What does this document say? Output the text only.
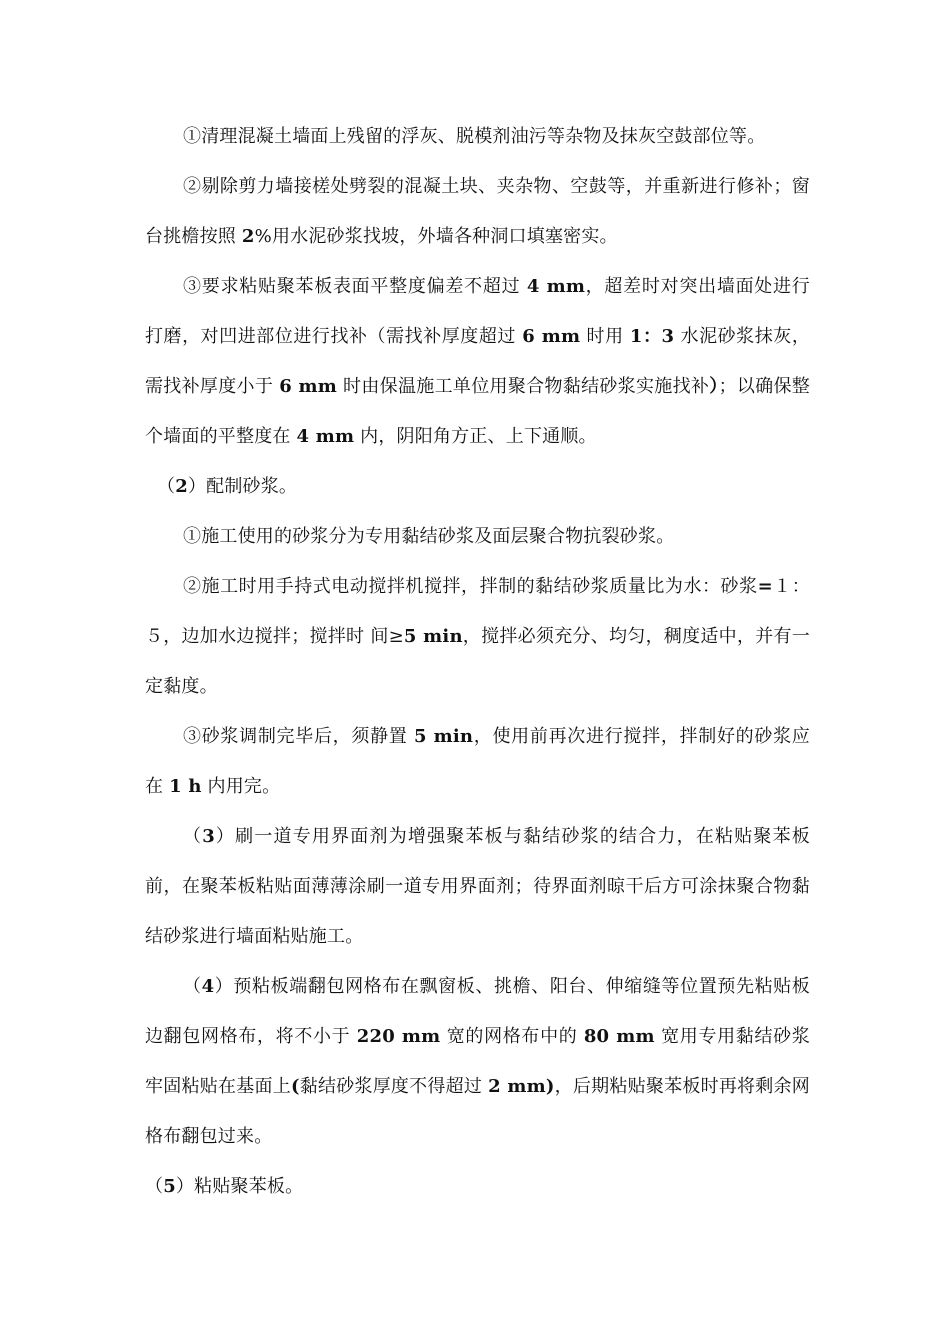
①清理混凝土墙面上残留的浮灰、脱模剂油污等杂物及抹灰空鼓部位等。

②剔除剪力墙接槎处劈裂的混凝土块、夹杂物、空鼓等，并重新进行修补；窗台挑檐按照 2%用水泥砂浆找坡，外墙各种洞口填塞密实。

③要求粘贴聚苯板表面平整度偏差不超过 4 mm，超差时对突出墙面处进行打磨，对凹进部位进行找补（需找补厚度超过 6 mm 时用 1：3 水泥砂浆抹灰，需找补厚度小于 6 mm 时由保温施工单位用聚合物黏结砂浆实施找补）；以确保整个墙面的平整度在 4 mm 内，阴阳角方正、上下通顺。

（2）配制砂浆。

①施工使用的砂浆分为专用黏结砂浆及面层聚合物抗裂砂浆。

②施工时用手持式电动搅拌机搅拌，拌制的黏结砂浆质量比为水：砂浆=１：５，边加水边搅拌；搅拌时 间≥5 min，搅拌必须充分、均匀，稠度适中，并有一定黏度。

③砂浆调制完毕后，须静置 5 min，使用前再次进行搅拌，拌制好的砂浆应在 1 h 内用完。

（3）刷一道专用界面剂为增强聚苯板与黏结砂浆的结合力，在粘贴聚苯板前，在聚苯板粘贴面薄薄涂刷一道专用界面剂；待界面剂晾干后方可涂抹聚合物黏结砂浆进行墙面粘贴施工。

（4）预粘板端翻包网格布在飘窗板、挑檐、阳台、伸缩缝等位置预先粘贴板边翻包网格布，将不小于 220 mm 宽的网格布中的 80 mm 宽用专用黏结砂浆牢固粘贴在基面上(黏结砂浆厚度不得超过 2 mm)，后期粘贴聚苯板时再将剩余网格布翻包过来。

（5）粘贴聚苯板。
